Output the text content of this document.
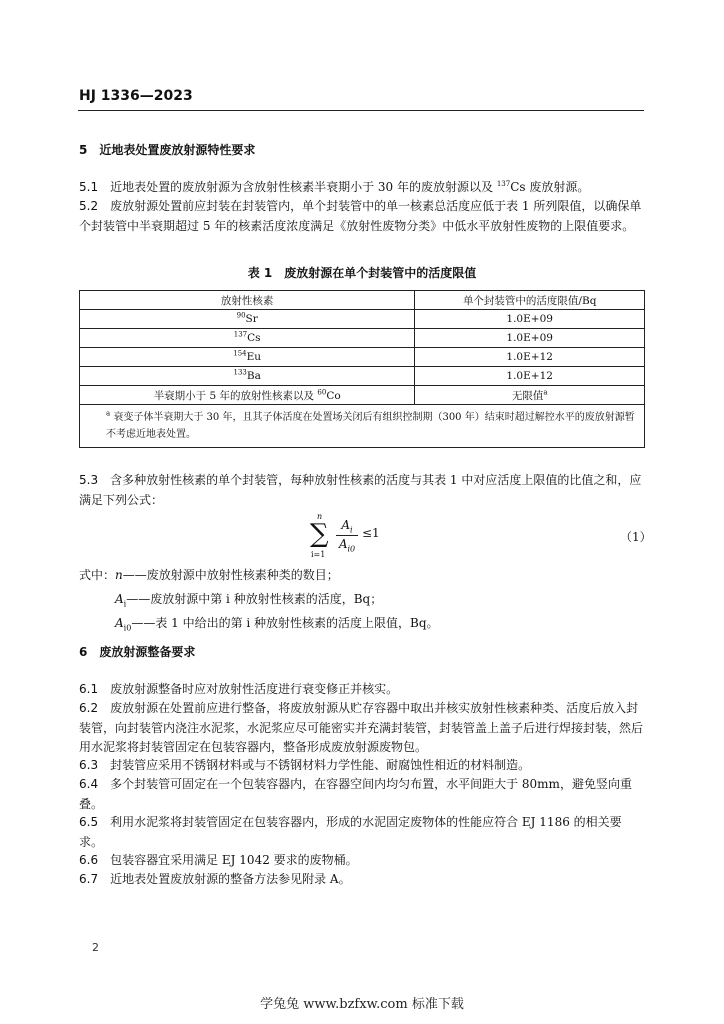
HJ 1336—2023
5　近地表处置废放射源特性要求
5.1 近地表处置的废放射源为含放射性核素半衰期小于 30 年的废放射源以及 $^{137}$Cs 废放射源。
5.2 废放射源处置前应封装在封装管内，单个封装管中的单一核素总活度应低于表 1 所列限值，以确保单个封装管中半衰期超过 5 年的核素活度浓度满足《放射性废物分类》中低水平放射性废物的上限值要求。
表 1　废放射源在单个封装管中的活度限值
放射性核素	单个封装管中的活度限值/Bq
$^{90}$Sr	1.0E+09
$^{137}$Cs	1.0E+09
$^{154}$Eu	1.0E+12
$^{133}$Ba	1.0E+12
半衰期小于 5 年的放射性核素以及 $^{60}$Co	无限值$^a$
$^a$ 衰变子体半衰期大于 30 年，且其子体活度在处置场关闭后有组织控制期（300 年）结束时超过解控水平的废放射源暂不考虑近地表处置。	
5.3 含多种放射性核素的单个封装管，每种放射性核素的活度与其表 1 中对应活度上限值的比值之和，应满足下列公式：
n
∑
i=1
$A_i$
$A_{i0}$
≤1	（1）
式中：n——废放射源中放射性核素种类的数目；
$A_i——$废放射源中第 i 种放射性核素的活度，Bq；
$A_{i0}——$表 1 中给出的第 i 种放射性核素的活度上限值，Bq。
6　废放射源整备要求
6.1 废放射源整备时应对放射性活度进行衰变修正并核实。
6.2 废放射源在处置前应进行整备，将废放射源从贮存容器中取出并核实放射性核素种类、活度后放入封装管，向封装管内浇注水泥浆，水泥浆应尽可能密实并充满封装管，封装管盖上盖子后进行焊接封装，然后用水泥浆将封装管固定在包装容器内，整备形成废放射源废物包。
6.3 封装管应采用不锈钢材料或与不锈钢材料力学性能、耐腐蚀性相近的材料制造。
6.4 多个封装管可固定在一个包装容器内，在容器空间内均匀布置，水平间距大于 80mm，避免竖向重叠。
6.5 利用水泥浆将封装管固定在包装容器内，形成的水泥固定废物体的性能应符合 EJ 1186 的相关要求。
6.6 包装容器宜采用满足 EJ 1042 要求的废物桶。
6.7 近地表处置废放射源的整备方法参见附录 A。
2
学兔兔 www.bzfxw.com 标准下载
